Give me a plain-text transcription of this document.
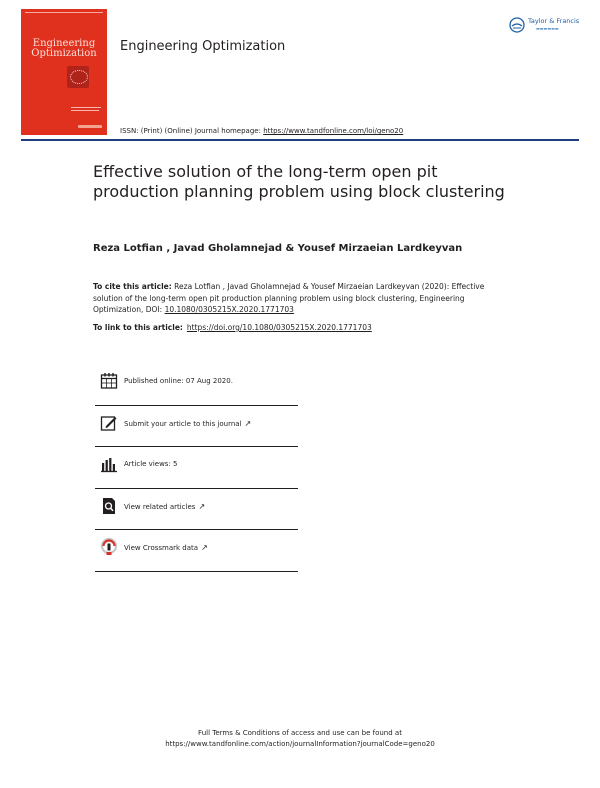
Engineering
Optimization	Engineering Optimization
Taylor & Francis
▬▬▬▬▬▬
ISSN: (Print) (Online) Journal homepage: https://www.tandfonline.com/loi/geno20
Effective solution of the long-term open pit production planning problem using block clustering
Reza Lotfian , Javad Gholamnejad & Yousef Mirzaeian Lardkeyvan
To cite this article: Reza Lotfian , Javad Gholamnejad & Yousef Mirzaeian Lardkeyvan (2020): Effective solution of the long-term open pit production planning problem using block clustering, Engineering Optimization, DOI: 10.1080/0305215X.2020.1771703
To link to this article: https://doi.org/10.1080/0305215X.2020.1771703
Published online: 07 Aug 2020.
Submit your article to this journal ↗
Article views: 5
View related articles ↗
View Crossmark data ↗
Full Terms & Conditions of access and use can be found at
https://www.tandfonline.com/action/journalInformation?journalCode=geno20
